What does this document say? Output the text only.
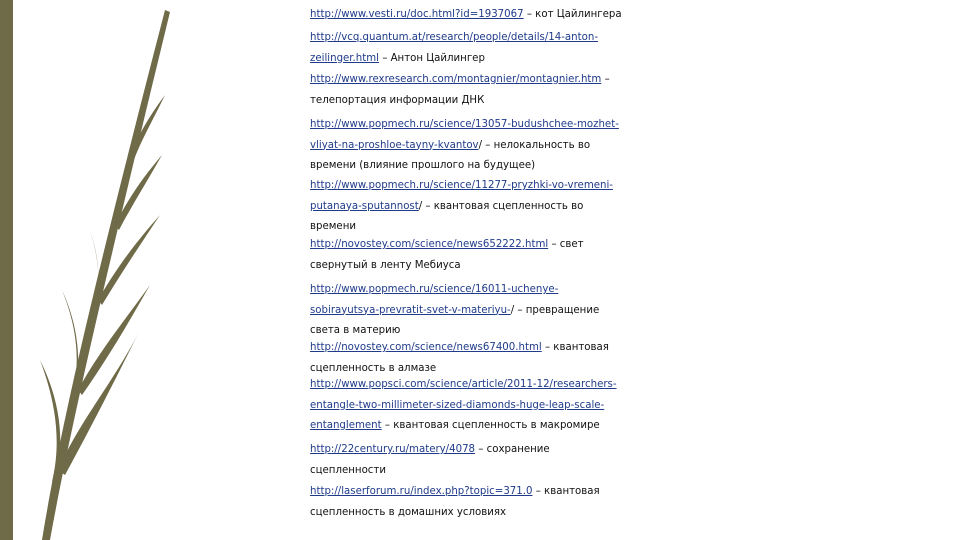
http://www.vesti.ru/doc.html?id=1937067 – кот Цайлингера
http://vcq.quantum.at/research/people/details/14-anton-
zeilinger.html – Антон Цайлингер
http://www.rexresearch.com/montagnier/montagnier.htm –
телепортация информации ДНК
http://www.popmech.ru/science/13057-budushchee-mozhet-
vliyat-na-proshloe-tayny-kvantov/ – нелокальность во
времени (влияние прошлого на будущее)
http://www.popmech.ru/science/11277-pryzhki-vo-vremeni-
putanaya-sputannost/ – квантовая сцепленность во
времени
http://novostey.com/science/news652222.html – свет
свернутый в ленту Мебиуса
http://www.popmech.ru/science/16011-uchenye-
sobirayutsya-prevratit-svet-v-materiyu-/ – превращение
света в материю
http://novostey.com/science/news67400.html – квантовая
сцепленность в алмазе
http://www.popsci.com/science/article/2011-12/researchers-
entangle-two-millimeter-sized-diamonds-huge-leap-scale-
entanglement – квантовая сцепленность в макромире
http://22century.ru/matery/4078 – сохранение
сцепленности
http://laserforum.ru/index.php?topic=371.0 – квантовая
сцепленность в домашних условиях
